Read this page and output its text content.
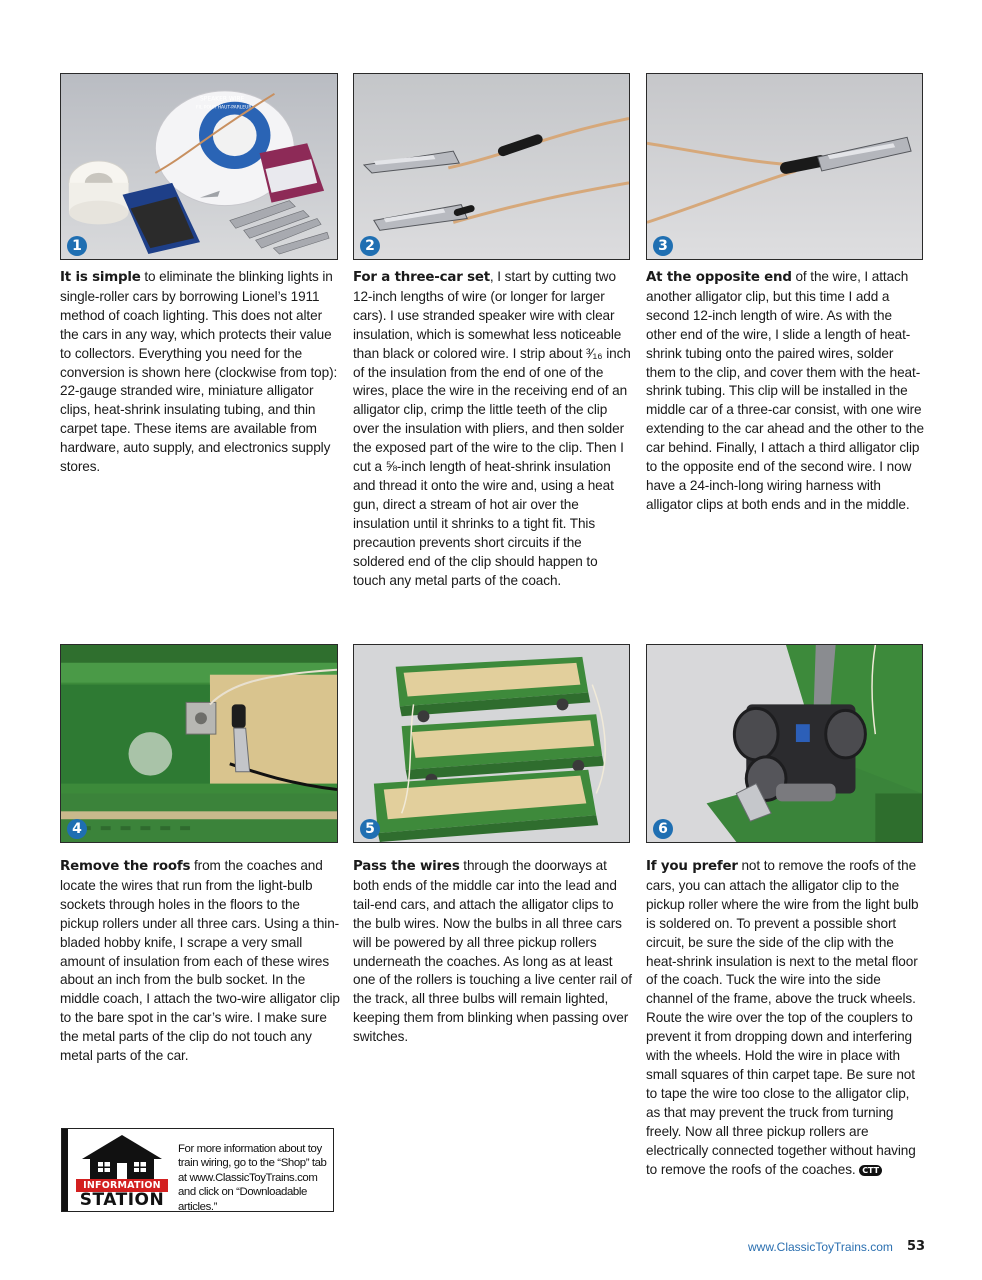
SPEAKER WIRE
FIL POUR HAUT-PARLEUR
1	2	3

It is simple to eliminate the blinking lights in single-roller cars by borrowing Lionel’s 1911 method of coach lighting. This does not alter the cars in any way, which protects their value to collectors. Everything you need for the conversion is shown here (clockwise from top): 22-gauge stranded wire, miniature alligator clips, heat-shrink insulating tubing, and thin carpet tape. These items are available from hardware, auto supply, and electronics supply stores.

For a three-car set, I start by cutting two 12-inch lengths of wire (or longer for larger cars). I use stranded speaker wire with clear insulation, which is somewhat less noticeable than black or colored wire. I strip about ³⁄₁₆ inch of the insulation from the end of one of the wires, place the wire in the receiving end of an alligator clip, crimp the little teeth of the clip over the insulation with pliers, and then solder the exposed part of the wire to the clip. Then I cut a ⅝-inch length of heat-shrink insulation and thread it onto the wire and, using a heat gun, direct a stream of hot air over the insulation until it shrinks to a tight fit. This precaution prevents short circuits if the soldered end of the clip should happen to touch any metal parts of the coach.

At the opposite end of the wire, I attach another alligator clip, but this time I add a second 12-inch length of wire. As with the other end of the wire, I slide a length of heat-shrink tubing onto the paired wires, solder them to the clip, and cover them with the heat-shrink tubing. This clip will be installed in the middle car of a three-car consist, with one wire extending to the car ahead and the other to the car behind. Finally, I attach a third alligator clip to the opposite end of the second wire. I now have a 24-inch-long wiring harness with alligator clips at both ends and in the middle.

4	5	6

Remove the roofs from the coaches and locate the wires that run from the light-bulb sockets through holes in the floors to the pickup rollers under all three cars. Using a thin-bladed hobby knife, I scrape a very small amount of insulation from each of these wires about an inch from the bulb socket. In the middle coach, I attach the two-wire alligator clip to the bare spot in the car’s wire. I make sure the metal parts of the clip do not touch any metal parts of the car.

Pass the wires through the doorways at both ends of the middle car into the lead and tail-end cars, and attach the alligator clips to the bulb wires. Now the bulbs in all three cars will be powered by all three pickup rollers underneath the coaches. As long as at least one of the rollers is touching a live center rail of the track, all three bulbs will remain lighted, keeping them from blinking when passing over switches.

If you prefer not to remove the roofs of the cars, you can attach the alligator clip to the pickup roller where the wire from the light bulb is soldered on. To prevent a possible short circuit, be sure the side of the clip with the heat-shrink insulation is next to the metal floor of the coach. Tuck the wire into the side channel of the frame, above the truck wheels. Route the wire over the top of the couplers to prevent it from dropping down and interfering with the wheels. Hold the wire in place with small squares of thin carpet tape. Be sure not to tape the wire too close to the alligator clip, as that may prevent the truck from turning freely. Now all three pickup rollers are electrically connected together without having to remove the roofs of the coaches. CTT

INFORMATION
STATION
For more information about toy train wiring, go to the “Shop” tab at www.ClassicToyTrains.com and click on “Downloadable articles.”
www.ClassicToyTrains.com 53
